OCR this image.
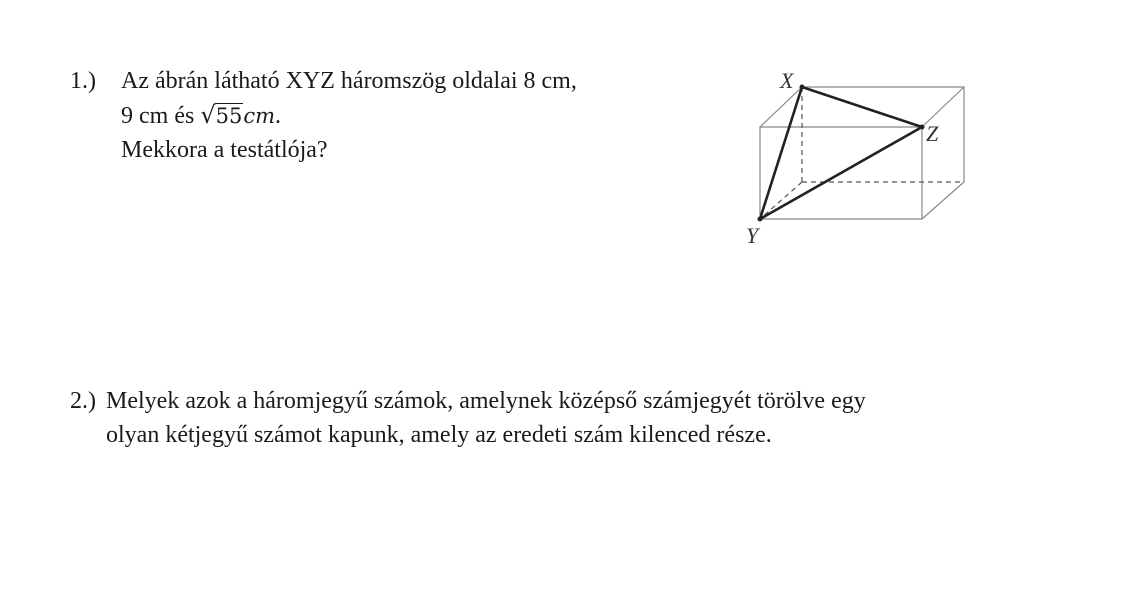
1.)	Az ábrán látható XYZ háromszög oldalai 8 cm,
9 cm és √55cm.
Mekkora a testátlója?
X
Z
Y
2.) Melyek azok a háromjegyű számok, amelynek középső számjegyét törölve egy
olyan kétjegyű számot kapunk, amely az eredeti szám kilenced része.
